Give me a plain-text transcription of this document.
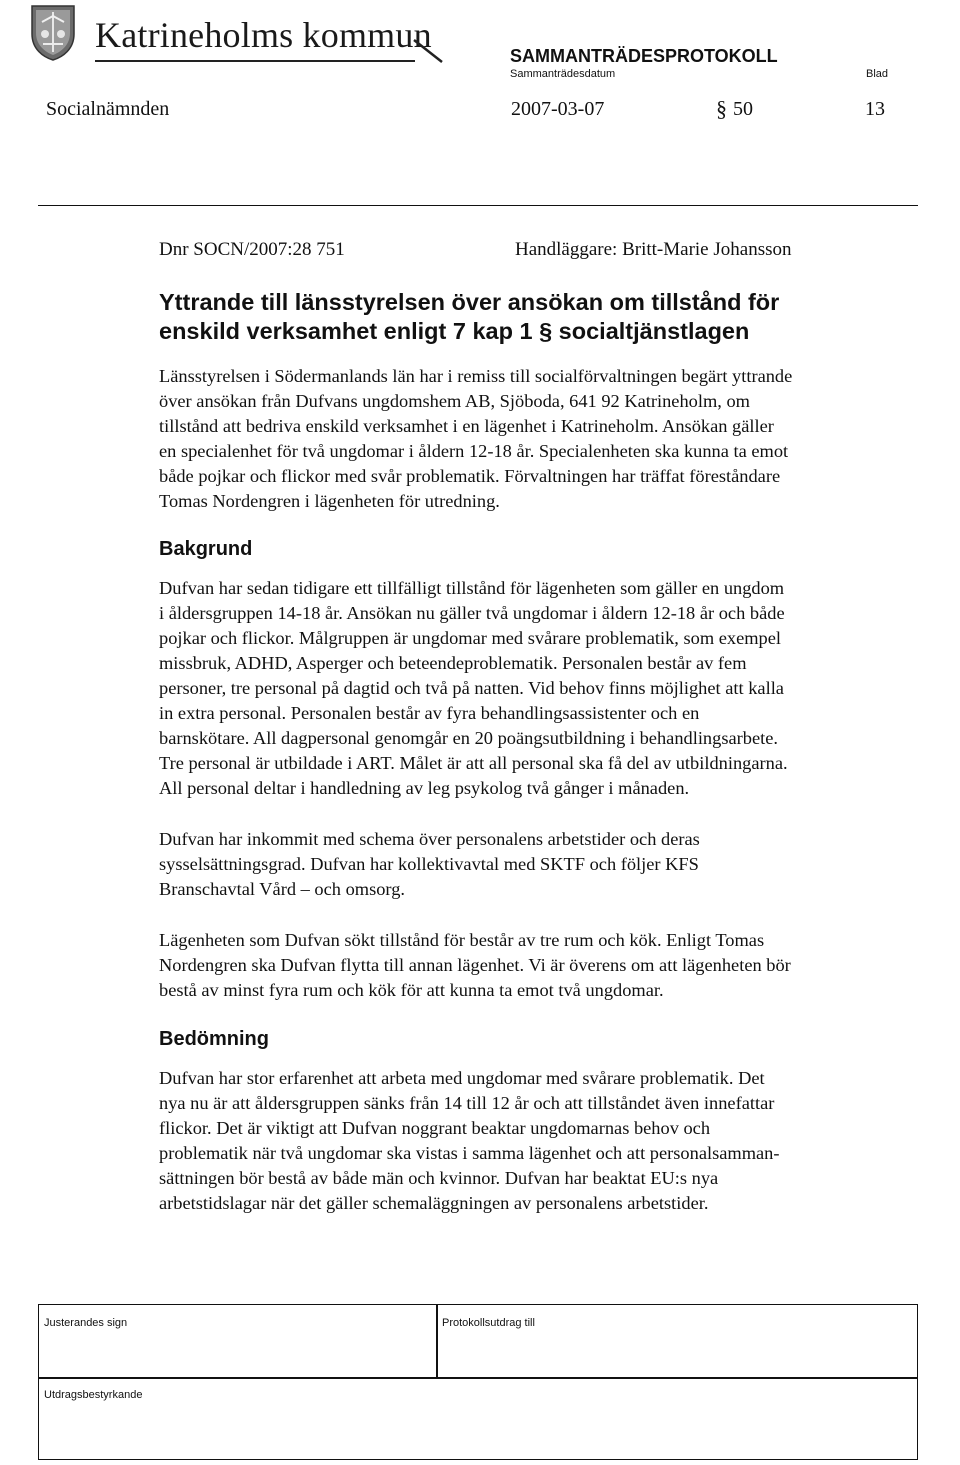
Katrineholms kommun
SAMMANTRÄDESPROTOKOLL
Sammanträdesdatum	Blad
Socialnämnden	2007-03-07	§ 50	13
Dnr SOCN/2007:28 751	Handläggare: Britt-Marie Johansson
Yttrande till länsstyrelsen över ansökan om tillstånd för
enskild verksamhet enligt 7 kap 1 § socialtjänstlagen
Länsstyrelsen i Södermanlands län har i remiss till socialförvaltningen begärt yttrande
över ansökan från Dufvans ungdomshem AB, Sjöboda, 641 92 Katrineholm, om
tillstånd att bedriva enskild verksamhet i en lägenhet i Katrineholm. Ansökan gäller
en specialenhet för två ungdomar i åldern 12-18 år. Specialenheten ska kunna ta emot
både pojkar och flickor med svår problematik. Förvaltningen har träffat föreståndare
Tomas Nordengren i lägenheten för utredning.
Bakgrund
Dufvan har sedan tidigare ett tillfälligt tillstånd för lägenheten som gäller en ungdom
i åldersgruppen 14-18 år. Ansökan nu gäller två ungdomar i åldern 12-18 år och både
pojkar och flickor. Målgruppen är ungdomar med svårare problematik, som exempel
missbruk, ADHD, Asperger och beteendeproblematik. Personalen består av fem
personer, tre personal på dagtid och två på natten. Vid behov finns möjlighet att kalla
in extra personal. Personalen består av fyra behandlingsassistenter och en
barnskötare. All dagpersonal genomgår en 20 poängsutbildning i behandlingsarbete.
Tre personal är utbildade i ART. Målet är att all personal ska få del av utbildningarna.
All personal deltar i handledning av leg psykolog två gånger i månaden.
Dufvan har inkommit med schema över personalens arbetstider och deras
sysselsättningsgrad. Dufvan har kollektivavtal med SKTF och följer KFS
Branschavtal Vård – och omsorg.
Lägenheten som Dufvan sökt tillstånd för består av tre rum och kök. Enligt Tomas
Nordengren ska Dufvan flytta till annan lägenhet. Vi är överens om att lägenheten bör
bestå av minst fyra rum och kök för att kunna ta emot två ungdomar.
Bedömning
Dufvan har stor erfarenhet att arbeta med ungdomar med svårare problematik. Det
nya nu är att åldersgruppen sänks från 14 till 12 år och att tillståndet även innefattar
flickor. Det är viktigt att Dufvan noggrant beaktar ungdomarnas behov och
problematik när två ungdomar ska vistas i samma lägenhet och att personalsamman-
sättningen bör bestå av både män och kvinnor. Dufvan har beaktat EU:s nya
arbetstidslagar när det gäller schemaläggningen av personalens arbetstider.
Justerandes sign	Protokollsutdrag till
Utdragsbestyrkande
